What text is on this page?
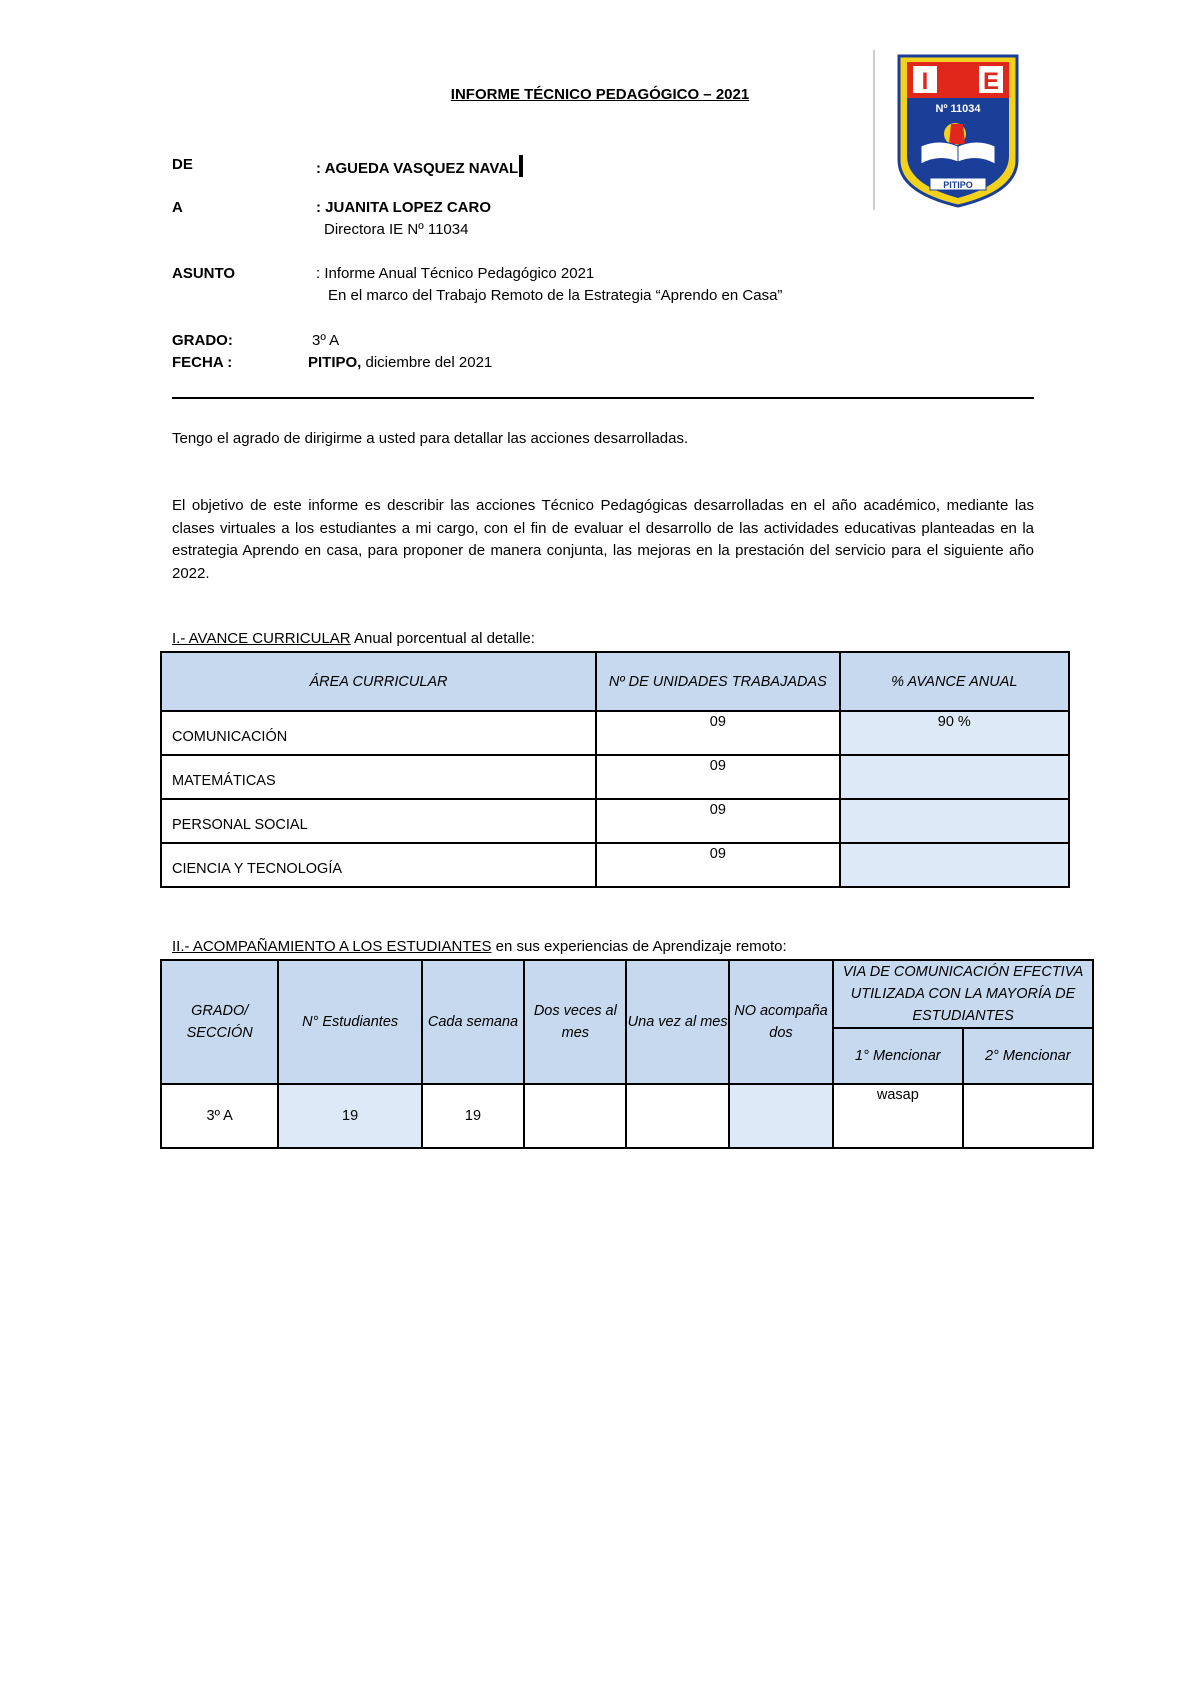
INFORME TÉCNICO PEDAGÓGICO – 2021	I E
Nº 11034
PITIPO
DE	: AGUEDA VASQUEZ NAVAL
A	: JUANITA LOPEZ CARO
Directora IE Nº 11034
ASUNTO	: Informe Anual Técnico Pedagógico 2021
En el marco del Trabajo Remoto de la Estrategia “Aprendo en Casa”
GRADO:	3º A
FECHA :	PITIPO, diciembre del 2021
Tengo el agrado de dirigirme a usted para detallar las acciones desarrolladas.
El objetivo de este informe es describir las acciones Técnico Pedagógicas desarrolladas en el año académico, mediante las clases virtuales a los estudiantes a mi cargo, con el fin de evaluar el desarrollo de las actividades educativas planteadas en la estrategia Aprendo en casa, para proponer de manera conjunta, las mejoras en la prestación del servicio para el siguiente año 2022.
I.- AVANCE CURRICULAR Anual porcentual al detalle:
ÁREA CURRICULAR	Nº DE UNIDADES TRABAJADAS	% AVANCE ANUAL
COMUNICACIÓN	09	90 %
MATEMÁTICAS	09	
PERSONAL SOCIAL	09	
CIENCIA Y TECNOLOGÍA	09	
II.- ACOMPAÑAMIENTO A LOS ESTUDIANTES en sus experiencias de Aprendizaje remoto:
GRADO/ SECCIÓN	N° Estudiantes	Cada semana	Dos veces al mes	Una vez al mes	NO acompaña dos	VIA DE COMUNICACIÓN EFECTIVA UTILIZADA CON LA MAYORÍA DE ESTUDIANTES	
						1° Mencionar	2° Mencionar
3º A	19	19				wasap	
